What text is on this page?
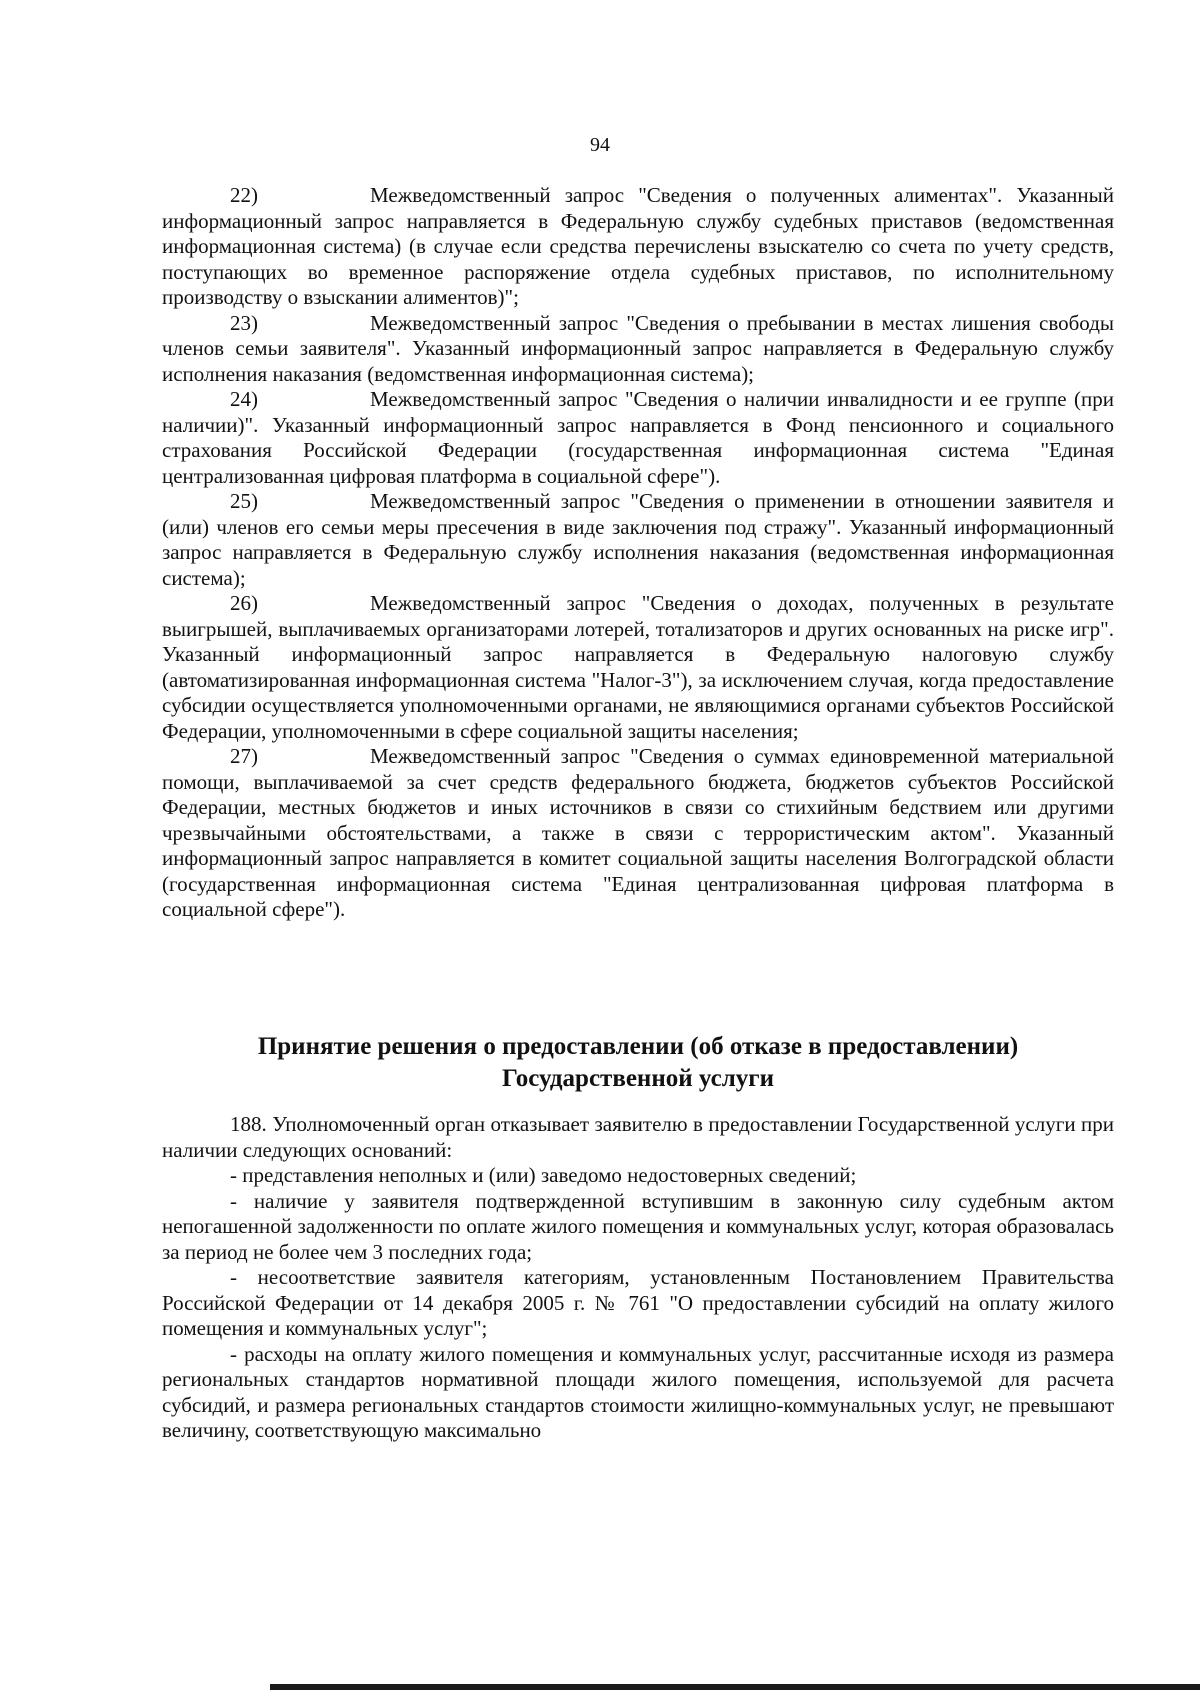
94

22)	Межведомственный запрос "Сведения о полученных алиментах". Указанный информационный запрос направляется в Федеральную службу судебных приставов (ведомственная информационная система) (в случае если средства перечислены взыскателю со счета по учету средств, поступающих во временное распоряжение отдела судебных приставов, по исполнительному производству о взыскании алиментов)";

23)	Межведомственный запрос "Сведения о пребывании в местах лишения свободы членов семьи заявителя". Указанный информационный запрос направляется в Федеральную службу исполнения наказания (ведомственная информационная система);

24)	Межведомственный запрос "Сведения о наличии инвалидности и ее группе (при наличии)". Указанный информационный запрос направляется в Фонд пенсионного и социального страхования Российской Федерации (государственная информационная система "Единая централизованная цифровая платформа в социальной сфере").

25)	Межведомственный запрос "Сведения о применении в отношении заявителя и (или) членов его семьи меры пресечения в виде заключения под стражу". Указанный информационный запрос направляется в Федеральную службу исполнения наказания (ведомственная информационная система);

26)	Межведомственный запрос "Сведения о доходах, полученных в результате выигрышей, выплачиваемых организаторами лотерей, тотализаторов и других основанных на риске игр". Указанный информационный запрос направляется в Федеральную налоговую службу (автоматизированная информационная система "Налог-3"), за исключением случая, когда предоставление субсидии осуществляется уполномоченными органами, не являющимися органами субъектов Российской Федерации, уполномоченными в сфере социальной защиты населения;

27)	Межведомственный запрос "Сведения о суммах единовременной материальной помощи, выплачиваемой за счет средств федерального бюджета, бюджетов субъектов Российской Федерации, местных бюджетов и иных источников в связи со стихийным бедствием или другими чрезвычайными обстоятельствами, а также в связи с террористическим актом". Указанный информационный запрос направляется в комитет социальной защиты населения Волгоградской области (государственная информационная система "Единая централизованная цифровая платформа в социальной сфере").

Принятие решения о предоставлении (об отказе в предоставлении)
Государственной услуги

188. Уполномоченный орган отказывает заявителю в предоставлении Государственной услуги при наличии следующих оснований:

- представления неполных и (или) заведомо недостоверных сведений;

- наличие у заявителя подтвержденной вступившим в законную силу судебным актом непогашенной задолженности по оплате жилого помещения и коммунальных услуг, которая образовалась за период не более чем 3 последних года;

- несоответствие заявителя категориям, установленным Постановлением Правительства Российской Федерации от 14 декабря 2005 г. № 761 "О предоставлении субсидий на оплату жилого помещения и коммунальных услуг";

- расходы на оплату жилого помещения и коммунальных услуг, рассчитанные исходя из размера региональных стандартов нормативной площади жилого помещения, используемой для расчета субсидий, и размера региональных стандартов стоимости жилищно-коммунальных услуг, не превышают величину, соответствующую максимально
